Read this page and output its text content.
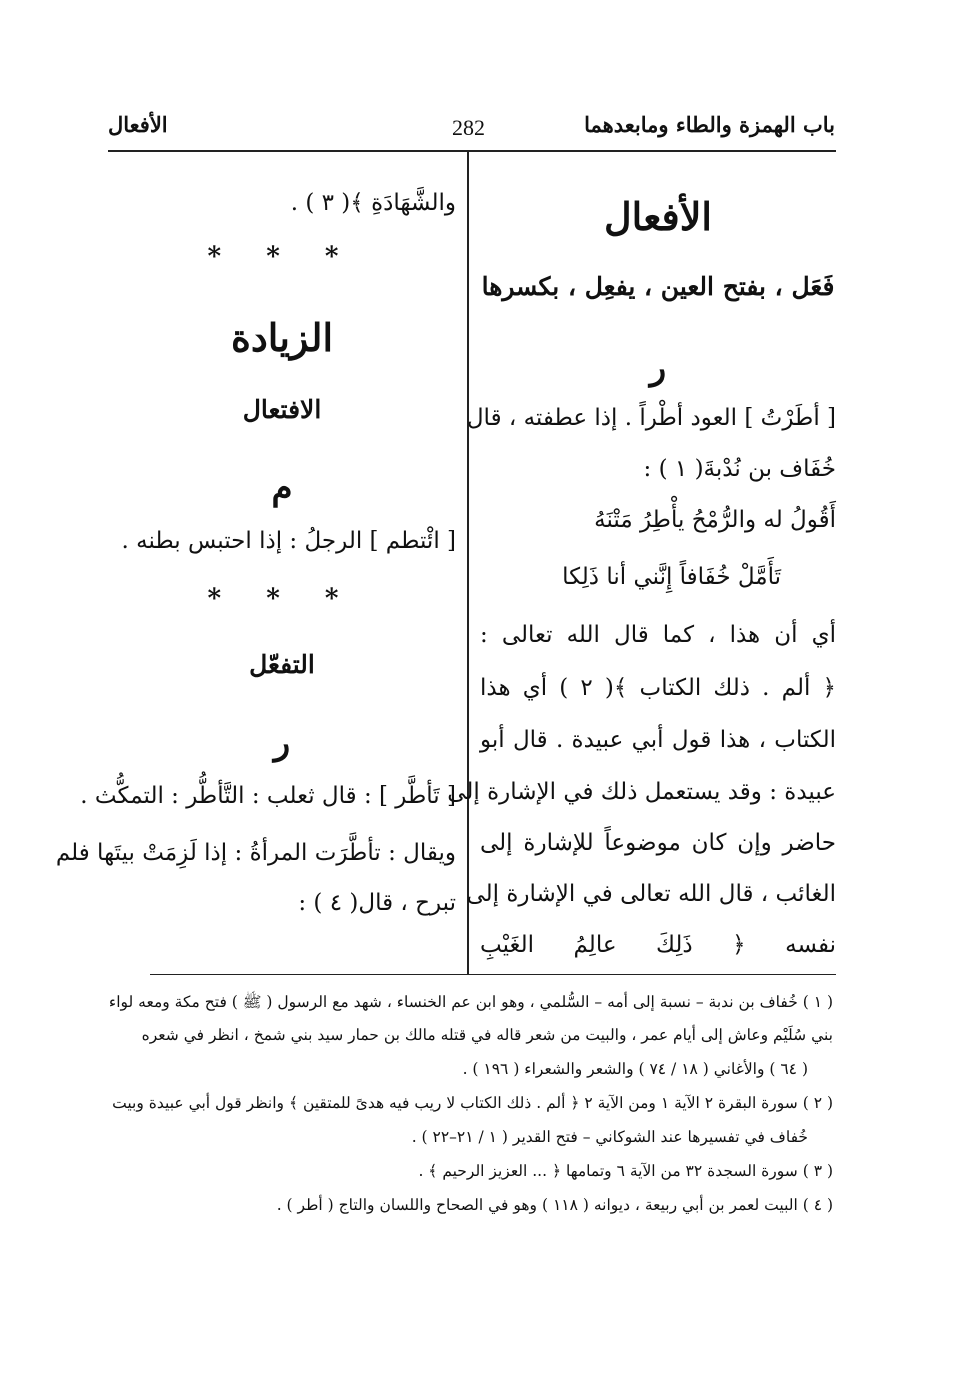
باب الهمزة والطاء ومابعدهما
282
الأفعال
الأفعال
فَعَل ، بفتح العين ، يفعِل ، بكسرها
ر
[ أطَرْتُ ] العود أطْراً . إذا عطفته ، قال
خُفَاف بن نُدْبةَ( ١ ) :
أَقُولُ له والرُّمْحُ يأْطِرُ مَتْنَهُ
تَأَمَّلْ خُفَافاً إِنَّني أنا ذَلِكا
أي أن هذا ، كما قال الله تعالى :
﴿ ألم . ذلك الكتاب ﴾( ٢ ) أي هذا
الكتاب ، هذا قول أبي عبيدة . قال أبو
عبيدة : وقد يستعمل ذلك في الإشارة إلى
حاضر وإن كان موضوعاً للإشارة إلى
الغائب ، قال الله تعالى في الإشارة إلى
نفسه ﴿ ذَلِكَ عالِمُ الغَيْبِ
والشَّهَادَةِ ﴾( ٣ ) .
* * *
الزيادة
الافتعال
م
[ ائْتطم ] الرجلُ : إذا احتبس بطنه .
* * *
التفعّل
ر
[ تَأطَّر ] : قال ثعلب : التَّأطُّر : التمكُّث .
ويقال : تأطَّرَت المرأةُ : إذا لَزِمَتْ بيتَها فلم
تبرح ، قال( ٤ ) :
( ١ ) خُفاف بن ندبة – نسبة إلى أمه – السُّلمي ، وهو ابن عم الخنساء ، شهد مع الرسول ( ﷺ ) فتح مكة ومعه لواء
بني سُلَيْم وعاش إلى أيام عمر ، والبيت من شعر قاله في قتله مالك بن حمار سيد بني شمخ ، انظر في شعره
( ٦٤ ) والأغاني ( ١٨ / ٧٤ ) والشعر والشعراء ( ١٩٦ ) .
( ٢ ) سورة البقرة ٢ الآية ١ ومن الآية ٢ ﴿ ألم . ذلك الكتاب لا ريب فيه هدىً للمتقين ﴾ وانظر قول أبي عبيدة وبيت
خُفاف في تفسيرها عند الشوكاني – فتح القدير ( ١ / ٢١–٢٢ ) .
( ٣ ) سورة السجدة ٣٢ من الآية ٦ وتمامها ﴿ ... العزيز الرحيم ﴾ .
( ٤ ) البيت لعمر بن أبي ربيعة ، ديوانه ( ١١٨ ) وهو في الصحاح واللسان والتاج ( أطر ) .
